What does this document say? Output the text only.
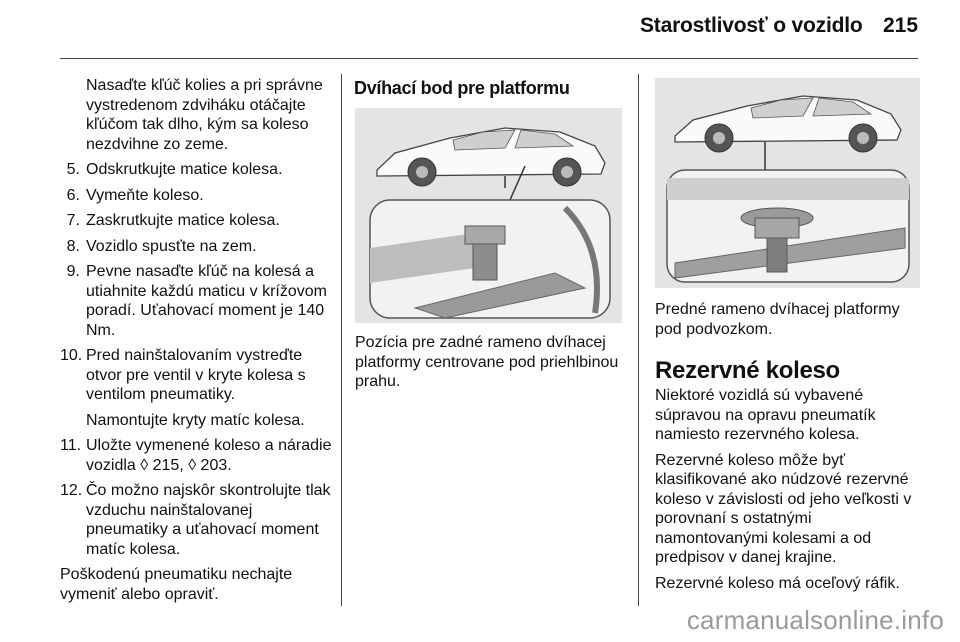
Starostlivosť o vozidlo 215

Nasaďte kľúč kolies a pri správne vystredenom zdviháku otáčajte kľúčom tak dlho, kým sa koleso nezdvihne zo zeme.

5. Odskrutkujte matice kolesa.
6. Vymeňte koleso.
7. Zaskrutkujte matice kolesa.
8. Vozidlo spusťte na zem.
9. Pevne nasaďte kľúč na kolesá a utiahnite každú maticu v krížovom poradí. Uťahovací moment je 140 Nm.
10. Pred nainštalovaním vystreďte otvor pre ventil v kryte kolesa s ventilom pneumatiky.

Namontujte kryty matíc kolesa.

11. Uložte vymenené koleso a náradie vozidla ◊ 215, ◊ 203.
12. Čo možno najskôr skontrolujte tlak vzduchu nainštalovanej pneumatiky a uťahovací moment matíc kolesa.

Poškodenú pneumatiku nechajte vymeniť alebo opraviť.

Dvíhací bod pre platformu
Pozícia pre zadné rameno dvíhacej platformy centrovane pod priehlbinou prahu.
Predné rameno dvíhacej platformy pod podvozkom.
Rezervné koleso

Niektoré vozidlá sú vybavené súpravou na opravu pneumatík namiesto rezervného kolesa.

Rezervné koleso môže byť klasifikované ako núdzové rezervné koleso v závislosti od jeho veľkosti v porovnaní s ostatnými namontovanými kolesami a od predpisov v danej krajine.

Rezervné koleso má oceľový ráfik.

carmanualsonline.info
